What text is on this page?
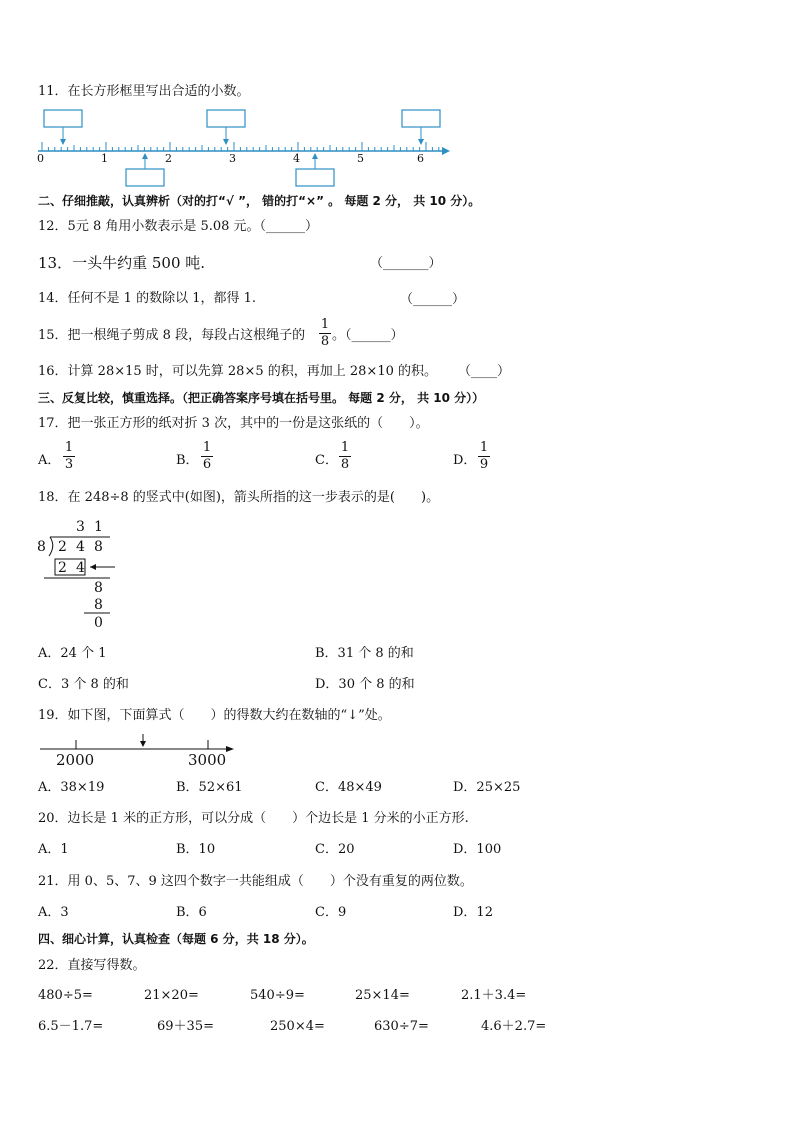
11．在长方形框里写出合适的小数。
0	1	2	3	4	5	6
二、仔细推敲，认真辨析（对的打“√ ”， 错的打“×” 。 每题 2 分， 共 10 分）。
12．5元 8 角用小数表示是 5.08 元。（______）
13．一头牛约重 500 吨.	（_______）
14．任何不是 1 的数除以 1，都得 1.	（______）
15．把一根绳子剪成 8 段，每段占这根绳子的
1
8 。（______）
16．计算 28×15 时，可以先算 28×5 的积，再加上 28×10 的积。 （____）
三、反复比较，慎重选择。（把正确答案序号填在括号里。 每题 2 分， 共 10 分））
17．把一张正方形的纸对折 3 次，其中的一份是这张纸的（　　）。
A．
1
3	B．
1
6	C．
1
8	D．
1
9
18．在 248÷8 的竖式中(如图)，箭头所指的这一步表示的是(　　)。
3 1
8 2 4 8
2 4
8
8
0
A．24 个 1	B．31 个 8 的和
C．3 个 8 的和	D．30 个 8 的和
19．如下图，下面算式（　　）的得数大约在数轴的“↓”处。
2000	3000
A．38×19	B．52×61	C．48×49	D．25×25
20．边长是 1 米的正方形，可以分成（　　）个边长是 1 分米的小正方形.
A．1	B．10	C．20	D．100
21．用 0、5、7、9 这四个数字一共能组成（　　）个没有重复的两位数。
A．3	B．6	C．9	D．12
四、细心计算，认真检查（每题 6 分，共 18 分）。
22．直接写得数。
480÷5=	21×20=	540÷9=	25×14=	2.1＋3.4=
6.5－1.7=	69＋35=	250×4=	630÷7=	4.6＋2.7=
